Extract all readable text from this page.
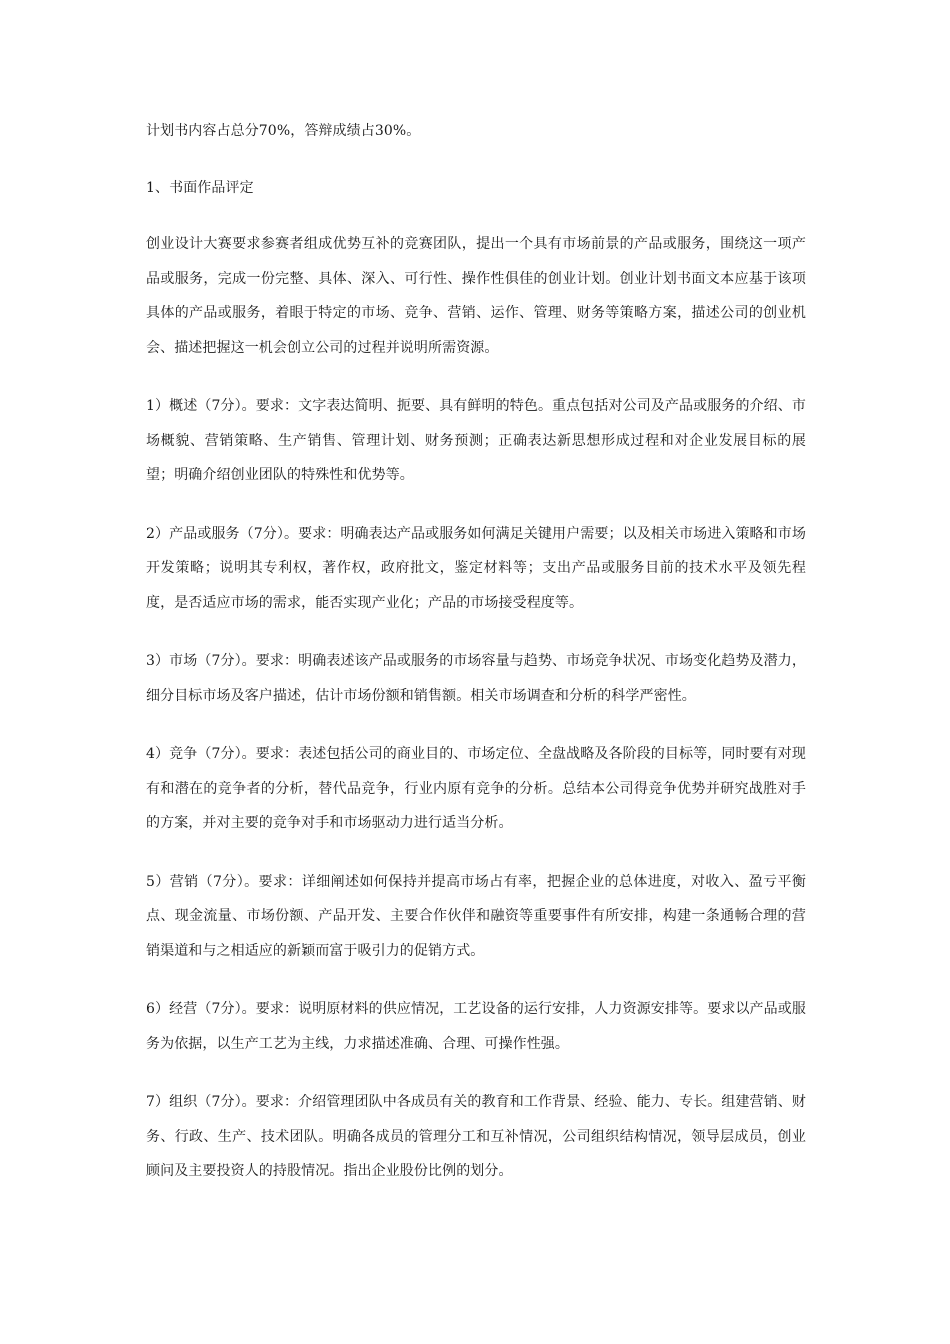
计划书内容占总分70%，答辩成绩占30%。

1、书面作品评定

创业设计大赛要求参赛者组成优势互补的竞赛团队，提出一个具有市场前景的产品或服务，围绕这一项产品或服务，完成一份完整、具体、深入、可行性、操作性俱佳的创业计划。创业计划书面文本应基于该项具体的产品或服务，着眼于特定的市场、竞争、营销、运作、管理、财务等策略方案，描述公司的创业机会、描述把握这一机会创立公司的过程并说明所需资源。

1）概述（7分）。要求：文字表达简明、扼要、具有鲜明的特色。重点包括对公司及产品或服务的介绍、市场概貌、营销策略、生产销售、管理计划、财务预测；正确表达新思想形成过程和对企业发展目标的展望；明确介绍创业团队的特殊性和优势等。

2）产品或服务（7分）。要求：明确表达产品或服务如何满足关键用户需要；以及相关市场进入策略和市场开发策略；说明其专利权，著作权，政府批文，鉴定材料等；支出产品或服务目前的技术水平及领先程度，是否适应市场的需求，能否实现产业化；产品的市场接受程度等。

3）市场（7分）。要求：明确表述该产品或服务的市场容量与趋势、市场竞争状况、市场变化趋势及潜力，细分目标市场及客户描述，估计市场份额和销售额。相关市场调查和分析的科学严密性。

4）竞争（7分）。要求：表述包括公司的商业目的、市场定位、全盘战略及各阶段的目标等，同时要有对现有和潜在的竞争者的分析，替代品竞争，行业内原有竞争的分析。总结本公司得竞争优势并研究战胜对手的方案，并对主要的竞争对手和市场驱动力进行适当分析。

5）营销（7分）。要求：详细阐述如何保持并提高市场占有率，把握企业的总体进度，对收入、盈亏平衡点、现金流量、市场份额、产品开发、主要合作伙伴和融资等重要事件有所安排，构建一条通畅合理的营销渠道和与之相适应的新颖而富于吸引力的促销方式。

6）经营（7分）。要求：说明原材料的供应情况，工艺设备的运行安排，人力资源安排等。要求以产品或服务为依据，以生产工艺为主线，力求描述准确、合理、可操作性强。

7）组织（7分）。要求：介绍管理团队中各成员有关的教育和工作背景、经验、能力、专长。组建营销、财务、行政、生产、技术团队。明确各成员的管理分工和互补情况，公司组织结构情况，领导层成员，创业顾问及主要投资人的持股情况。指出企业股份比例的划分。
